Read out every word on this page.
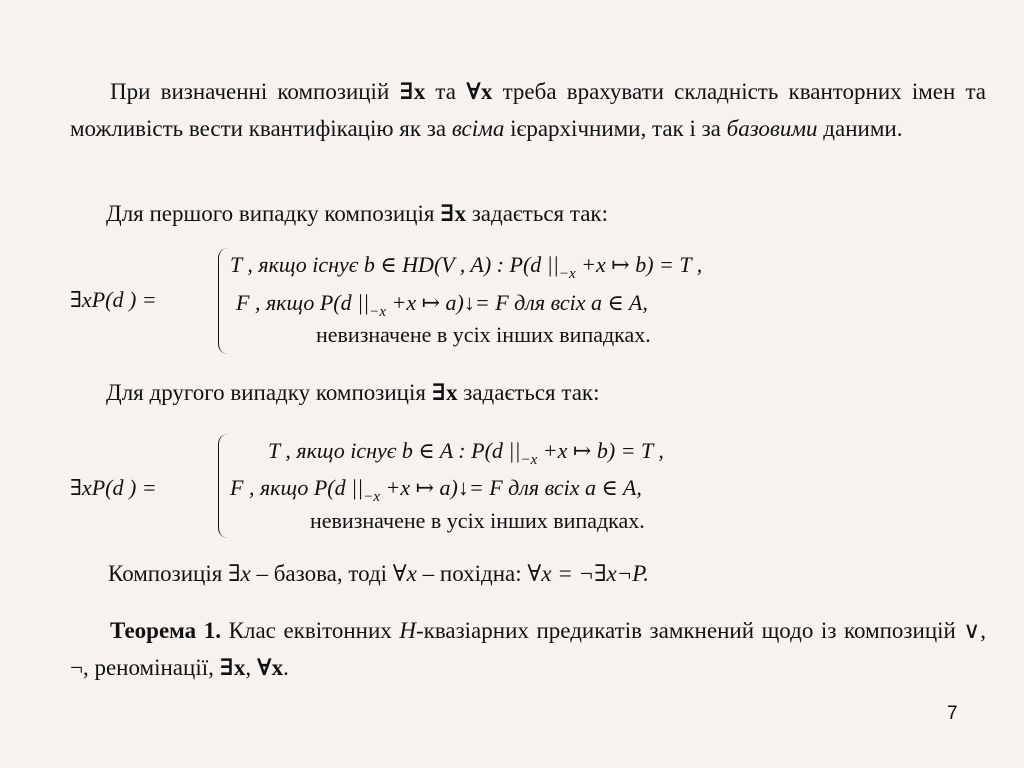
При визначенні композицій ∃x та ∀x треба врахувати складність кванторних імен та можливість вести квантифікацію як за всіма ієрархічними, так і за базовими даними.
Для першого випадку композиція ∃x задається так:
∃xP(d ) =
T , якщо існує b ∈ HD(V , A) : P(d $||_{-x} +x$ ↦ b) = T ,
F , якщо P(d $||_{-x} +x$ ↦ a)↓= F для всіх a ∈ A,
невизначене в усіх інших випадках.
Для другого випадку композиція ∃x задається так:
∃xP(d ) =
T , якщо існує b ∈ A : P(d $||_{-x} +x$ ↦ b) = T ,
F , якщо P(d $||_{-x} +x$ ↦ a)↓= F для всіх a ∈ A,
невизначене в усіх інших випадках.
Композиція ∃x – базова, тоді ∀x – похідна: ∀x = ¬∃x¬P.
Теорема 1. Клас еквітонних H-квазіарних предикатів замкнений щодо із композицій ∨, ¬, реномінації, ∃x, ∀x.
7
